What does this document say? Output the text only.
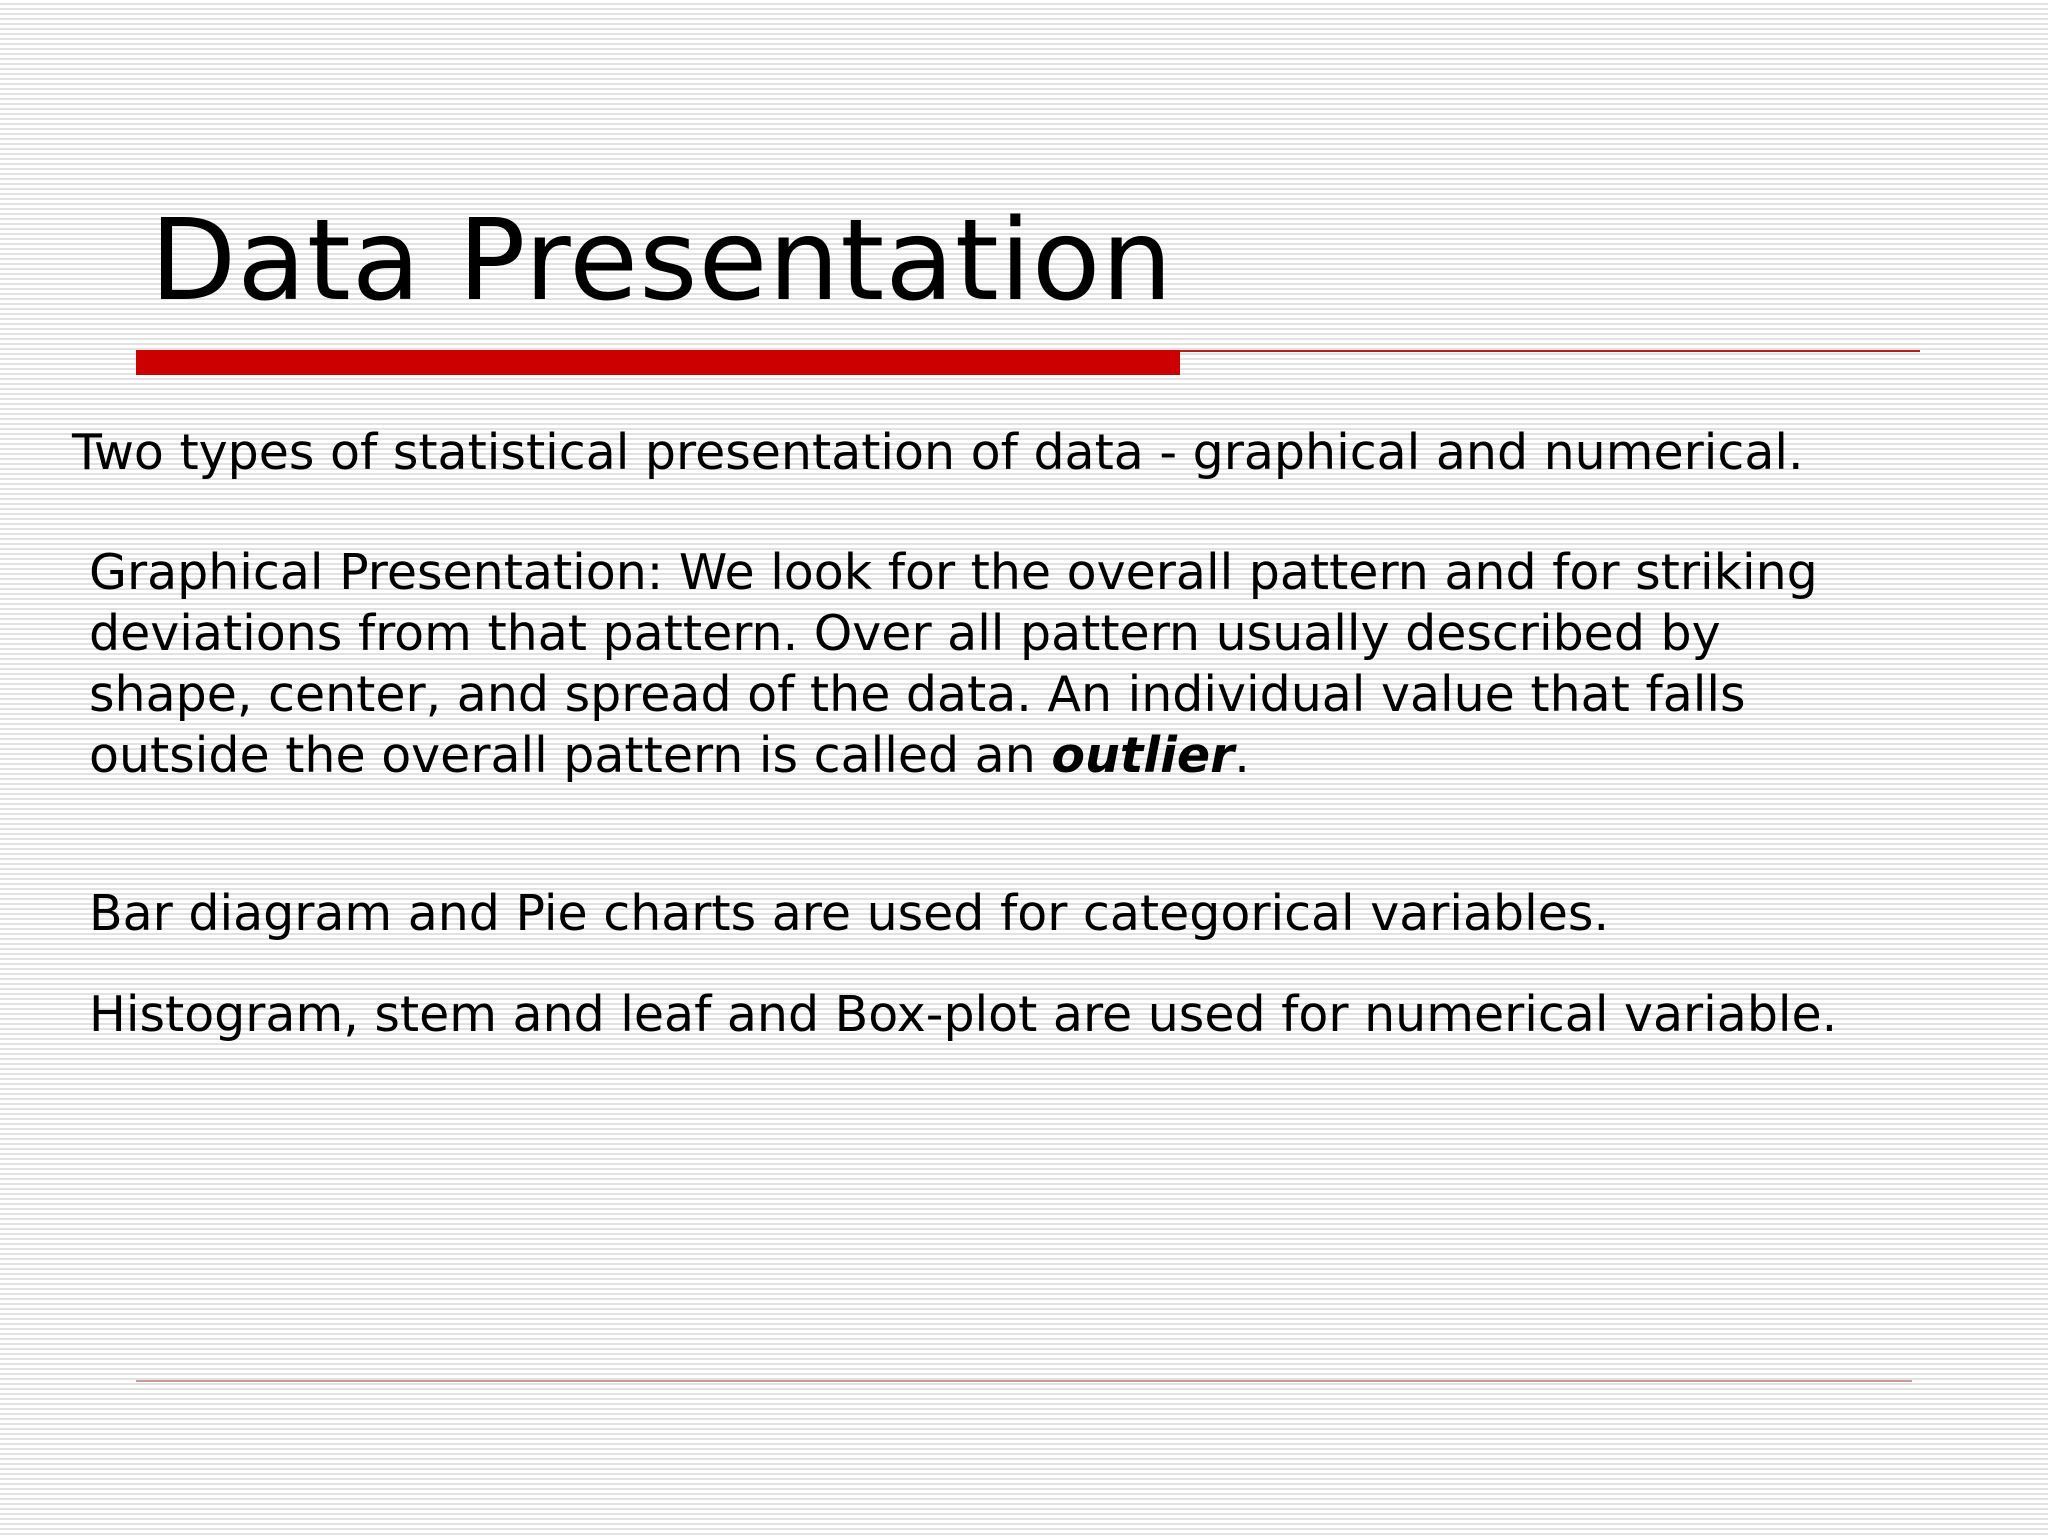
Data Presentation

Two types of statistical presentation of data - graphical and numerical.

Graphical Presentation: We look for the overall pattern and for striking
deviations from that pattern. Over all pattern usually described by
shape, center, and spread of the data. An individual value that falls
outside the overall pattern is called an outlier.

Bar diagram and Pie charts are used for categorical variables.

Histogram, stem and leaf and Box-plot are used for numerical variable.
